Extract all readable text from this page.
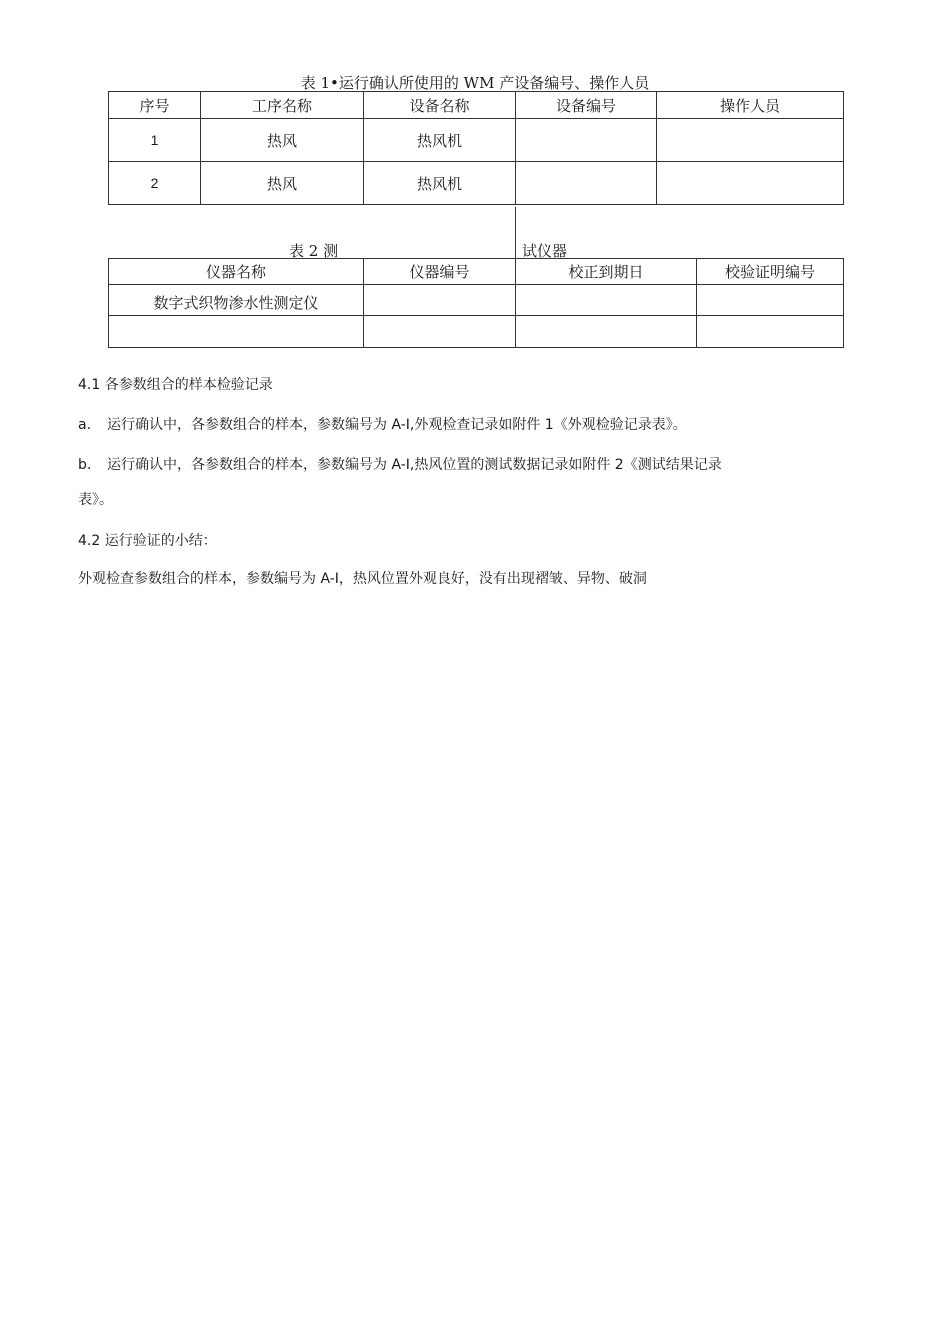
表 1•运行确认所使用的 WM 产设备编号、操作人员
序号	工序名称	设备名称	设备编号	操作人员
1	热风	热风机		
2	热风	热风机		
表 2 测	试仪器
仪器名称	仪器编号	校正到期日	校验证明编号
数字式织物渗水性测定仪			

4.1 各参数组合的样本检验记录
a. 运行确认中，各参数组合的样本，参数编号为 A-I,外观检查记录如附件 1《外观检验记录表》。
b. 运行确认中，各参数组合的样本，参数编号为 A-I,热风位置的测试数据记录如附件 2《测试结果记录
表》。
4.2 运行验证的小结：
外观检查参数组合的样本，参数编号为 A-I，热风位置外观良好，没有出现褶皱、异物、破洞
